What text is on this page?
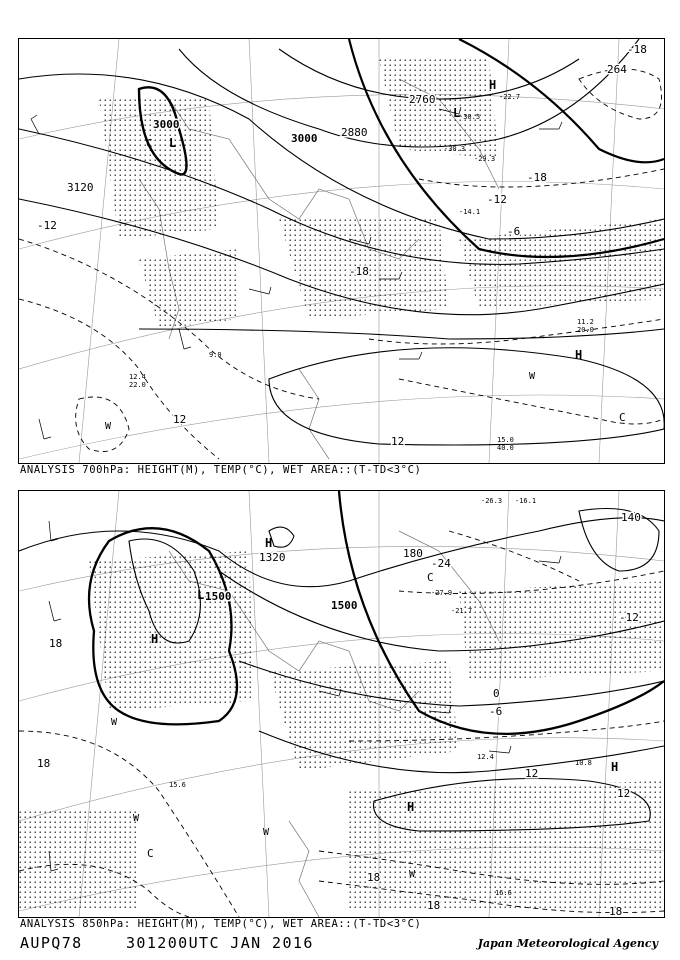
3000
3000
3120
2880
2760
264
-12
-18
-18
-12
-6
-18
12
12
L
L
H
H
W
W
C
C
-30.5
-30.3
-29.3
-22.7
-14.1
15.0
40.0
11.2
20.0
12.4
22.0
9.0
ANALYSIS 700hPa: HEIGHT(M), TEMP(°C), WET AREA::(T-TD<3°C)
1500
1500
1320
140
180
-24
-12
0
12
12
18
18
18
18	18
-6
L
H
H
H
H
C
C
W
W
W
W
-26.3 -16.1
-27.9
-21.7
12.4
16.6
10.8
15.6
ANALYSIS 850hPa: HEIGHT(M), TEMP(°C), WET AREA::(T-TD<3°C)
AUPQ78	301200UTC JAN 2016	Japan Meteorological Agency
